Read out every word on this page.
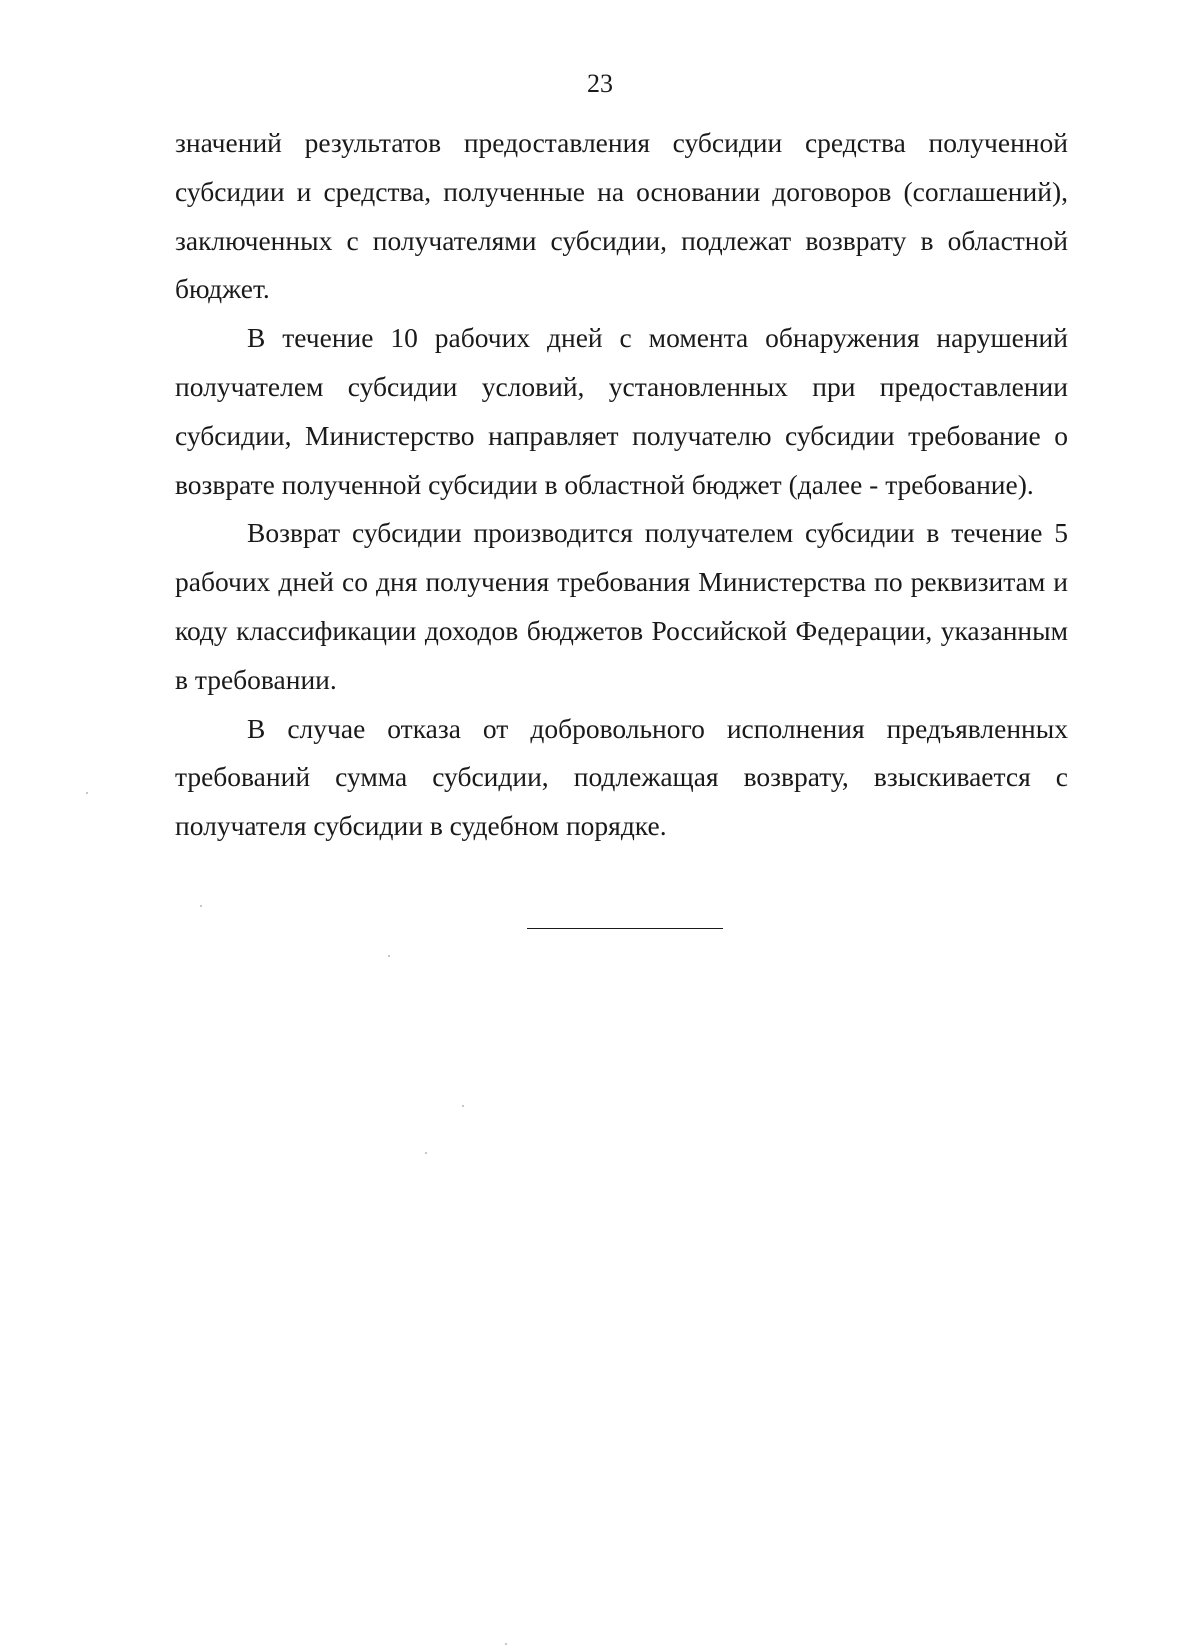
23

значений результатов предоставления субсидии средства полученной субсидии и средства, полученные на основании договоров (соглашений), заключенных с получателями субсидии, подлежат возврату в областной бюджет.

В течение 10 рабочих дней с момента обнаружения нарушений получателем субсидии условий, установленных при предоставлении субсидии, Министерство направляет получателю субсидии требование о возврате полученной субсидии в областной бюджет (далее - требование).

Возврат субсидии производится получателем субсидии в течение 5 рабочих дней со дня получения требования Министерства по реквизитам и коду классификации доходов бюджетов Российской Федерации, указанным в требовании.

В случае отказа от добровольного исполнения предъявленных требований сумма субсидии, подлежащая возврату, взыскивается с получателя субсидии в судебном порядке.
